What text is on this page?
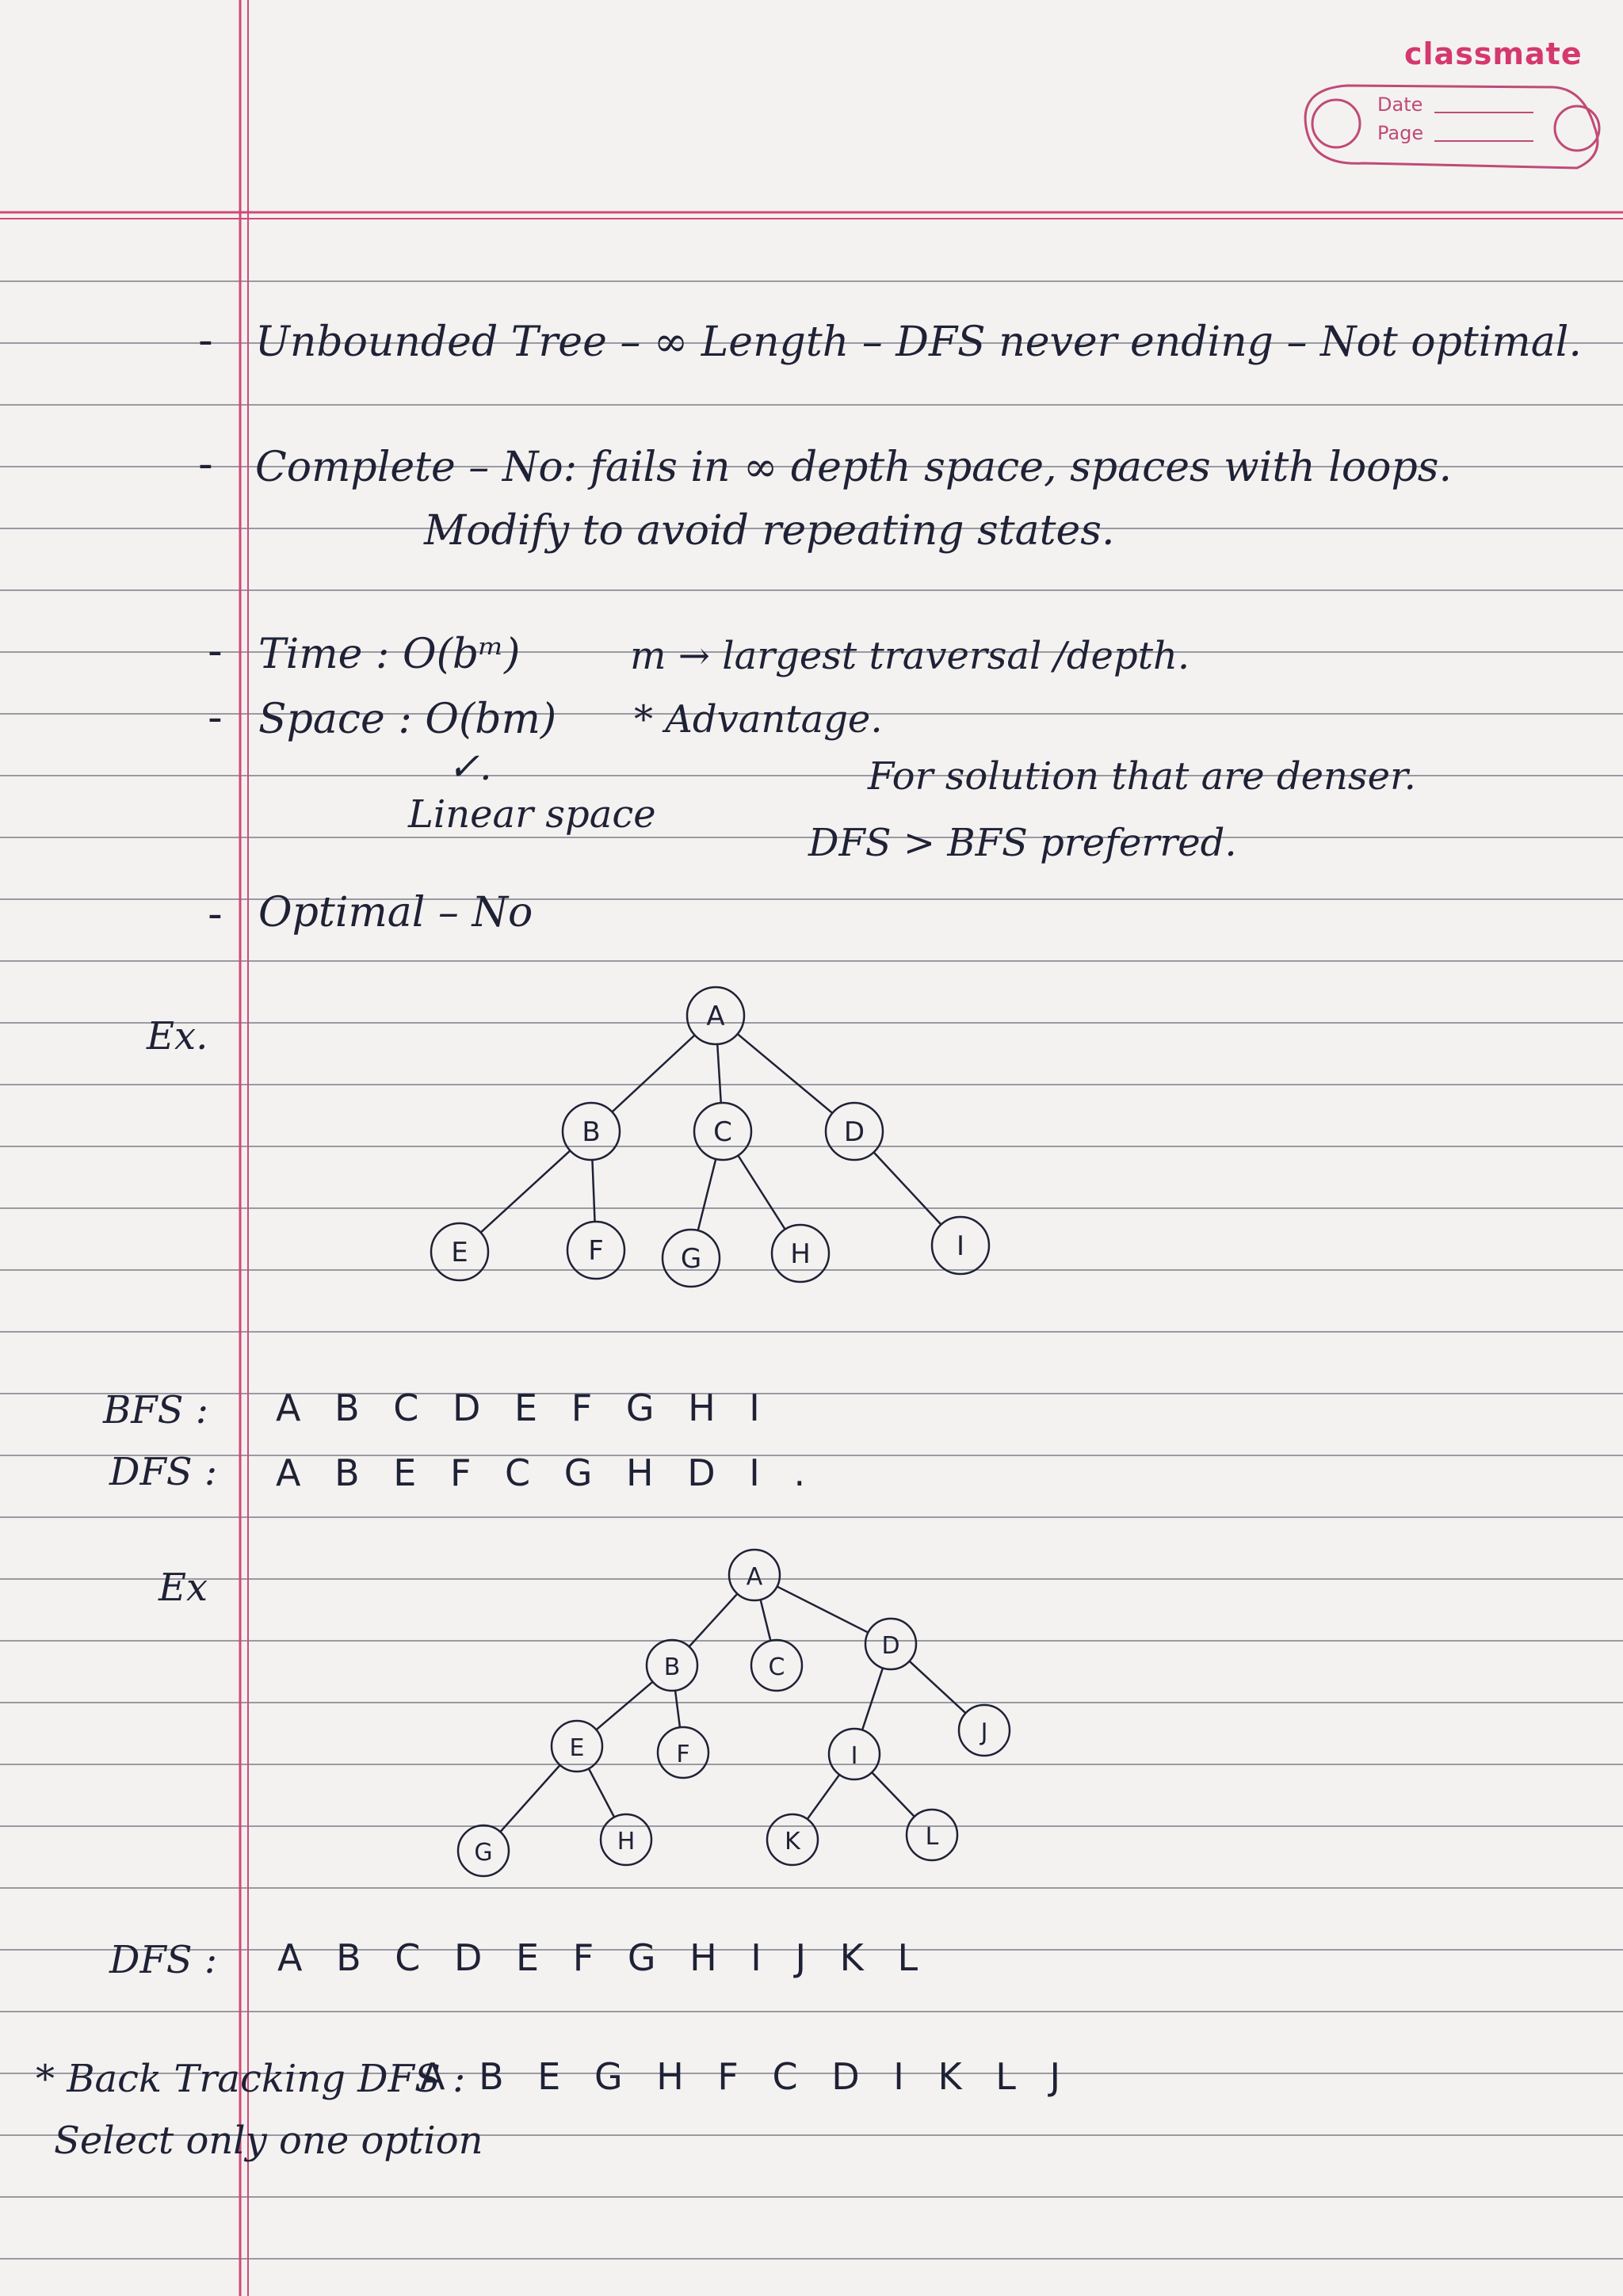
A
B	C	D
E	F	G	H	I
A
B	C
D
E	F	I
J
G	H	K	L
classmate
Date
Page
- Unbounded Tree – ∞ Length – DFS never ending – Not optimal.
- Complete – No: fails in ∞ depth space, spaces with loops.
Modify to avoid repeating states.
- Time : O(bᵐ)	m → largest traversal /depth.
- Space : O(bm) * Advantage.
✓.	For solution that are denser.
Linear space
DFS > BFS preferred.
- Optimal – No
Ex.
BFS : A B C D E F G H I
DFS : A B E F C G H D I .
Ex
DFS : A B C D E F G H I J K L
* Back Tracking DFS :
A B E G H F C D I K L J
Select only one option
